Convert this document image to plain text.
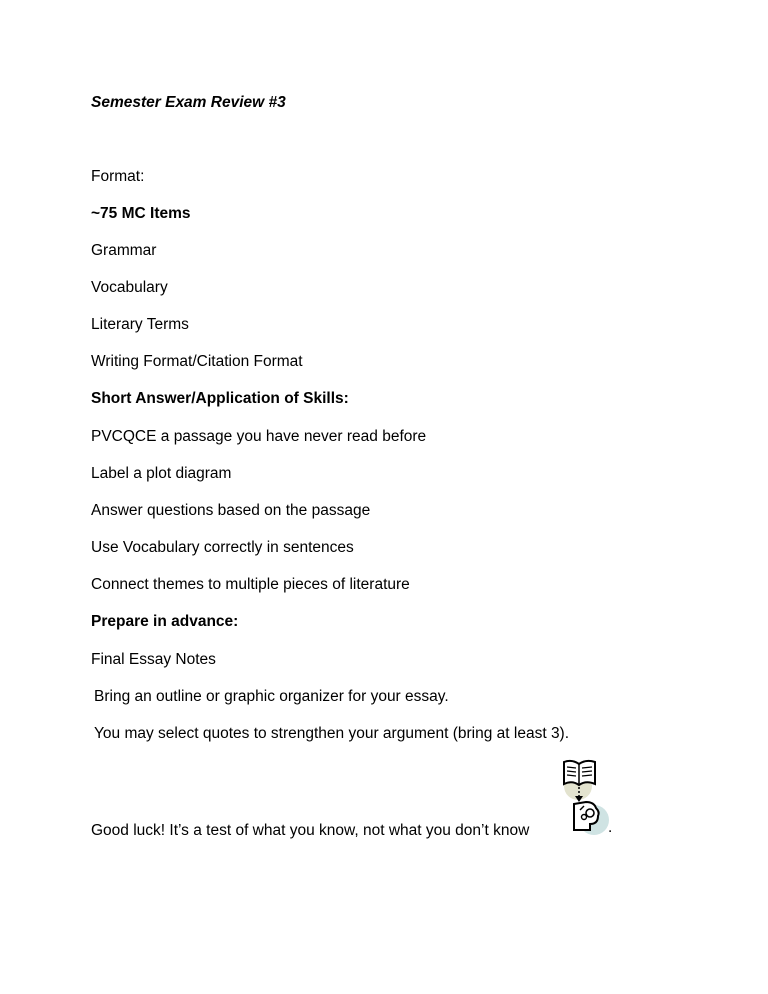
Semester Exam Review #3
Format:
~75 MC Items
Grammar
Vocabulary
Literary Terms
Writing Format/Citation Format
Short Answer/Application of Skills:
PVCQCE a passage you have never read before
Label a plot diagram
Answer questions based on the passage
Use Vocabulary correctly in sentences
Connect themes to multiple pieces of literature
Prepare in advance:
Final Essay Notes
Bring an outline or graphic organizer for your essay.
You may select quotes to strengthen your argument (bring at least 3).
Good luck! It’s a test of what you know, not what you don’t know	.
